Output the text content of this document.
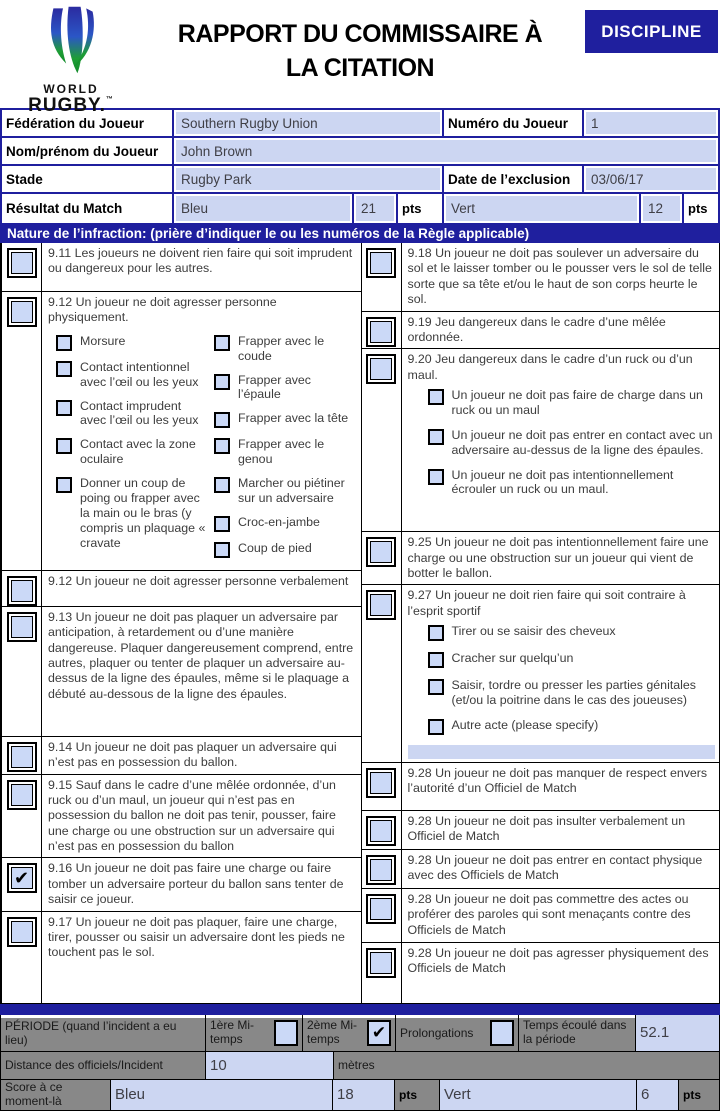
WORLD
RUGBY.™
RAPPORT DU COMMISSAIRE À LA CITATION
DISCIPLINE
Fédération du Joueur	Southern Rugby Union	Numéro du Joueur	1
Nom/prénom du Joueur	John Brown
Stade	Rugby Park	Date de l’exclusion	03/06/17
Résultat du Match	Bleu	21	pts	Vert	12	pts
Nature de l’infraction: (prière d’indiquer le ou les numéros de la Règle applicable)
9.11 Les joueurs ne doivent rien faire qui soit imprudent ou dangereux pour les autres.
9.12 Un joueur ne doit agresser personne physiquement.
Morsure
Contact intentionnel avec l’œil ou les yeux
Contact imprudent avec l’œil ou les yeux
Contact avec la zone oculaire
Donner un coup de poing ou frapper avec la main ou le bras (y compris un plaquage « cravate
Frapper avec le coude
Frapper avec l’épaule
Frapper avec la tête
Frapper avec le genou
Marcher ou piétiner sur un adversaire
Croc-en-jambe
Coup de pied
9.12 Un joueur ne doit agresser personne verbalement
9.13 Un joueur ne doit pas plaquer un adversaire par anticipation, à retardement ou d’une manière dangereuse. Plaquer dangereusement comprend, entre autres, plaquer ou tenter de plaquer un adversaire au-dessus de la ligne des épaules, même si le plaquage a débuté au-dessous de la ligne des épaules.
9.14 Un joueur ne doit pas plaquer un adversaire qui n’est pas en possession du ballon.
9.15 Sauf dans le cadre d’une mêlée ordonnée, d’un ruck ou d’un maul, un joueur qui n’est pas en possession du ballon ne doit pas tenir, pousser, faire une charge ou une obstruction sur un adversaire qui n’est pas en possession du ballon
✔	9.16 Un joueur ne doit pas faire une charge ou faire tomber un adversaire porteur du ballon sans tenter de saisir ce joueur.
9.17 Un joueur ne doit pas plaquer, faire une charge, tirer, pousser ou saisir un adversaire dont les pieds ne touchent pas le sol.
9.18 Un joueur ne doit pas soulever un adversaire du sol et le laisser tomber ou le pousser vers le sol de telle sorte que sa tête et/ou le haut de son corps heurte le sol.
9.19 Jeu dangereux dans le cadre d’une mêlée ordonnée.
9.20 Jeu dangereux dans le cadre d’un ruck ou d’un maul.
Un joueur ne doit pas faire de charge dans un ruck ou un maul
Un joueur ne doit pas entrer en contact avec un adversaire au-dessus de la ligne des épaules.
Un joueur ne doit pas intentionnellement écrouler un ruck ou un maul.
9.25 Un joueur ne doit pas intentionnellement faire une charge ou une obstruction sur un joueur qui vient de botter le ballon.
9.27 Un joueur ne doit rien faire qui soit contraire à l’esprit sportif
Tirer ou se saisir des cheveux
Cracher sur quelqu’un
Saisir, tordre ou presser les parties génitales (et/ou la poitrine dans le cas des joueuses)
Autre acte (please specify)
9.28 Un joueur ne doit pas manquer de respect envers l’autorité d’un Officiel de Match
9.28 Un joueur ne doit pas insulter verbalement un Officiel de Match
9.28 Un joueur ne doit pas entrer en contact physique avec des Officiels de Match
9.28 Un joueur ne doit pas commettre des actes ou proférer des paroles qui sont menaçants contre des Officiels de Match
9.28 Un joueur ne doit pas agresser physiquement des Officiels de Match
PÉRIODE (quand l’incident a eu lieu)
1ère Mi-temps
2ème Mi-temps	✔	Prolongations
Temps écoulé dans la période	52.1
Distance des officiels/Incident	10	mètres
Score à ce moment-là	Bleu	18	pts	Vert	6	pts
